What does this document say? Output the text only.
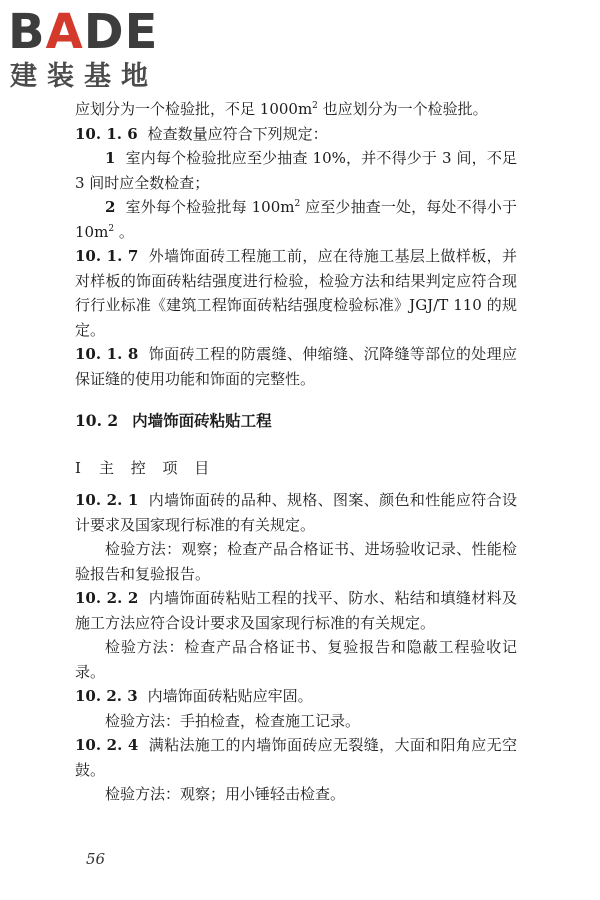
BADE
建装基地

应划分为一个检验批，不足 $1000m^2$ 也应划分为一个检验批。

10. 1. 6 检查数量应符合下列规定：

1 室内每个检验批应至少抽查 10%，并不得少于 3 间，不足 3 间时应全数检查；

2 室外每个检验批每 $100m^2$ 应至少抽查一处，每处不得小于 $10m^2$ 。

10. 1. 7 外墙饰面砖工程施工前，应在待施工基层上做样板，并对样板的饰面砖粘结强度进行检验，检验方法和结果判定应符合现行行业标准《建筑工程饰面砖粘结强度检验标准》JGJ/T 110 的规定。

10. 1. 8 饰面砖工程的防震缝、伸缩缝、沉降缝等部位的处理应保证缝的使用功能和饰面的完整性。

10. 2 内墙饰面砖粘贴工程

Ⅰ 主 控 项 目

10. 2. 1 内墙饰面砖的品种、规格、图案、颜色和性能应符合设计要求及国家现行标准的有关规定。

检验方法：观察；检查产品合格证书、进场验收记录、性能检验报告和复验报告。

10. 2. 2 内墙饰面砖粘贴工程的找平、防水、粘结和填缝材料及施工方法应符合设计要求及国家现行标准的有关规定。

检验方法：检查产品合格证书、复验报告和隐蔽工程验收记录。

10. 2. 3 内墙饰面砖粘贴应牢固。

检验方法：手拍检查，检查施工记录。

10. 2. 4 满粘法施工的内墙饰面砖应无裂缝，大面和阳角应无空鼓。

检验方法：观察；用小锤轻击检查。

56
